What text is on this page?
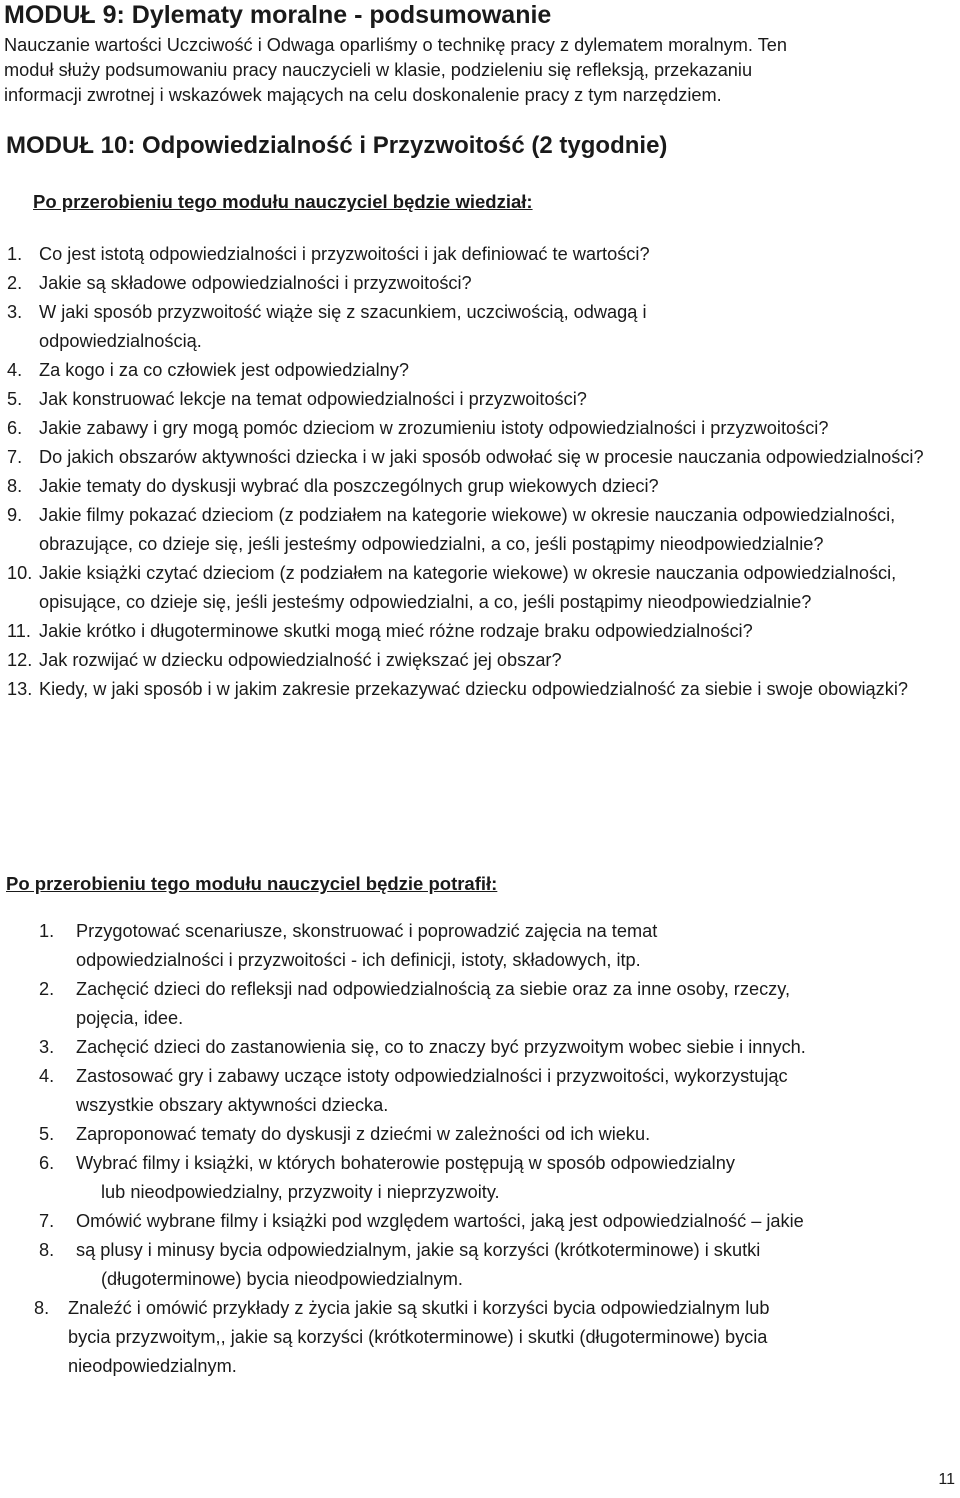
MODUŁ 9: Dylematy moralne - podsumowanie
Nauczanie wartości Uczciwość i Odwaga oparliśmy o technikę pracy z dylematem moralnym. Ten
moduł służy podsumowaniu pracy nauczycieli w klasie, podzieleniu się refleksją, przekazaniu
informacji zwrotnej i wskazówek mających na celu doskonalenie pracy z tym narzędziem.
MODUŁ 10: Odpowiedzialność i Przyzwoitość (2 tygodnie)
Po przerobieniu tego modułu nauczyciel będzie wiedział:
1. Co jest istotą odpowiedzialności i przyzwoitości i jak definiować te wartości?
2. Jakie są składowe odpowiedzialności i przyzwoitości?
3. W jaki sposób przyzwoitość wiąże się z szacunkiem, uczciwością, odwagą i odpowiedzialnością.
4. Za kogo i za co człowiek jest odpowiedzialny?
5. Jak konstruować lekcje na temat odpowiedzialności i przyzwoitości?
6. Jakie zabawy i gry mogą pomóc dzieciom w zrozumieniu istoty odpowiedzialności i przyzwoitości?
7. Do jakich obszarów aktywności dziecka i w jaki sposób odwołać się w procesie nauczania odpowiedzialności?
8. Jakie tematy do dyskusji wybrać dla poszczególnych grup wiekowych dzieci?
9. Jakie filmy pokazać dzieciom (z podziałem na kategorie wiekowe) w okresie nauczania odpowiedzialności, obrazujące, co dzieje się, jeśli jesteśmy odpowiedzialni, a co, jeśli postąpimy nieodpowiedzialnie?
10. Jakie książki czytać dzieciom (z podziałem na kategorie wiekowe) w okresie nauczania odpowiedzialności, opisujące, co dzieje się, jeśli jesteśmy odpowiedzialni, a co, jeśli postąpimy nieodpowiedzialnie?
11. Jakie krótko i długoterminowe skutki mogą mieć różne rodzaje braku odpowiedzialności?
12. Jak rozwijać w dziecku odpowiedzialność i zwiększać jej obszar?
13. Kiedy, w jaki sposób i w jakim zakresie przekazywać dziecku odpowiedzialność za siebie i swoje obowiązki?
Po przerobieniu tego modułu nauczyciel będzie potrafił:
1. Przygotować scenariusze, skonstruować i poprowadzić zajęcia na temat
odpowiedzialności i przyzwoitości - ich definicji, istoty, składowych, itp.
2. Zachęcić dzieci do refleksji nad odpowiedzialnością za siebie oraz za inne osoby, rzeczy,
pojęcia, idee.
3. Zachęcić dzieci do zastanowienia się, co to znaczy być przyzwoitym wobec siebie i innych.
4. Zastosować gry i zabawy uczące istoty odpowiedzialności i przyzwoitości, wykorzystując
wszystkie obszary aktywności dziecka.
5. Zaproponować tematy do dyskusji z dziećmi w zależności od ich wieku.
6. Wybrać filmy i książki, w których bohaterowie postępują w sposób odpowiedzialny
lub nieodpowiedzialny, przyzwoity i nieprzyzwoity.
7. Omówić wybrane filmy i książki pod względem wartości, jaką jest odpowiedzialność – jakie
8. są plusy i minusy bycia odpowiedzialnym, jakie są korzyści (krótkoterminowe) i skutki
(długoterminowe) bycia nieodpowiedzialnym.
8. Znaleźć i omówić przykłady z życia jakie są skutki i korzyści bycia odpowiedzialnym lub
bycia przyzwoitym,, jakie są korzyści (krótkoterminowe) i skutki (długoterminowe) bycia
nieodpowiedzialnym.
11
